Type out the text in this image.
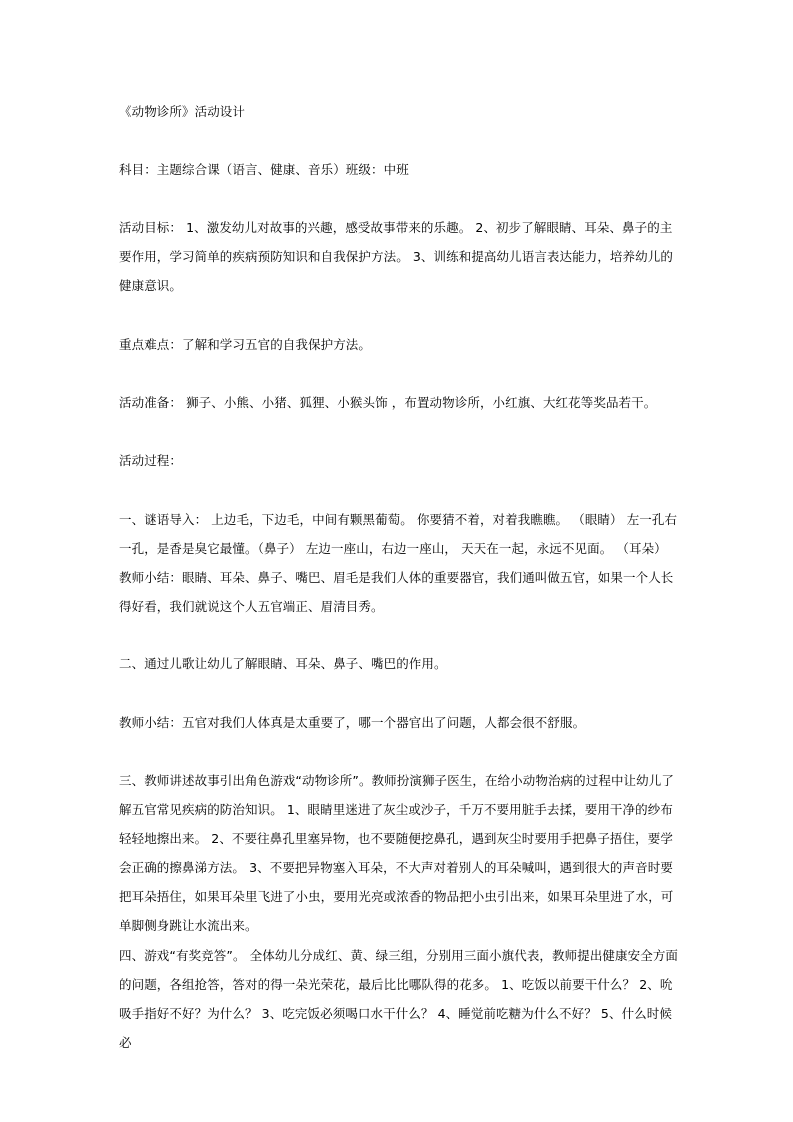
《动物诊所》活动设计

科目：主题综合课（语言、健康、音乐）班级：中班

活动目标： 1、激发幼儿对故事的兴趣，感受故事带来的乐趣。 2、初步了解眼睛、耳朵、鼻子的主要作用，学习简单的疾病预防知识和自我保护方法。 3、训练和提高幼儿语言表达能力，培养幼儿的健康意识。

重点难点：了解和学习五官的自我保护方法。

活动准备： 狮子、小熊、小猪、狐狸、小猴头饰 ，布置动物诊所，小红旗、大红花等奖品若干。

活动过程：

一、谜语导入： 上边毛，下边毛，中间有颗黑葡萄。 你要猜不着，对着我瞧瞧。 （眼睛） 左一孔右一孔，是香是臭它最懂。（鼻子） 左边一座山，右边一座山， 天天在一起，永远不见面。 （耳朵） 教师小结：眼睛、耳朵、鼻子、嘴巴、眉毛是我们人体的重要器官，我们通叫做五官，如果一个人长得好看，我们就说这个人五官端正、眉清目秀。

二、通过儿歌让幼儿了解眼睛、耳朵、鼻子、嘴巴的作用。

教师小结：五官对我们人体真是太重要了，哪一个器官出了问题，人都会很不舒服。

三、教师讲述故事引出角色游戏“动物诊所”。教师扮演狮子医生，在给小动物治病的过程中让幼儿了解五官常见疾病的防治知识。 1、眼睛里迷进了灰尘或沙子，千万不要用脏手去揉，要用干净的纱布轻轻地擦出来。 2、不要往鼻孔里塞异物，也不要随便挖鼻孔，遇到灰尘时要用手把鼻子捂住，要学会正确的擦鼻涕方法。 3、不要把异物塞入耳朵，不大声对着别人的耳朵喊叫，遇到很大的声音时要把耳朵捂住，如果耳朵里飞进了小虫，要用光亮或浓香的物品把小虫引出来，如果耳朵里进了水，可单脚侧身跳让水流出来。

四、游戏“有奖竞答”。 全体幼儿分成红、黄、绿三组，分别用三面小旗代表，教师提出健康安全方面的问题，各组抢答，答对的得一朵光荣花，最后比比哪队得的花多。 1、吃饭以前要干什么？ 2、吮吸手指好不好？为什么？ 3、吃完饭必须喝口水干什么？ 4、睡觉前吃糖为什么不好？ 5、什么时候必
